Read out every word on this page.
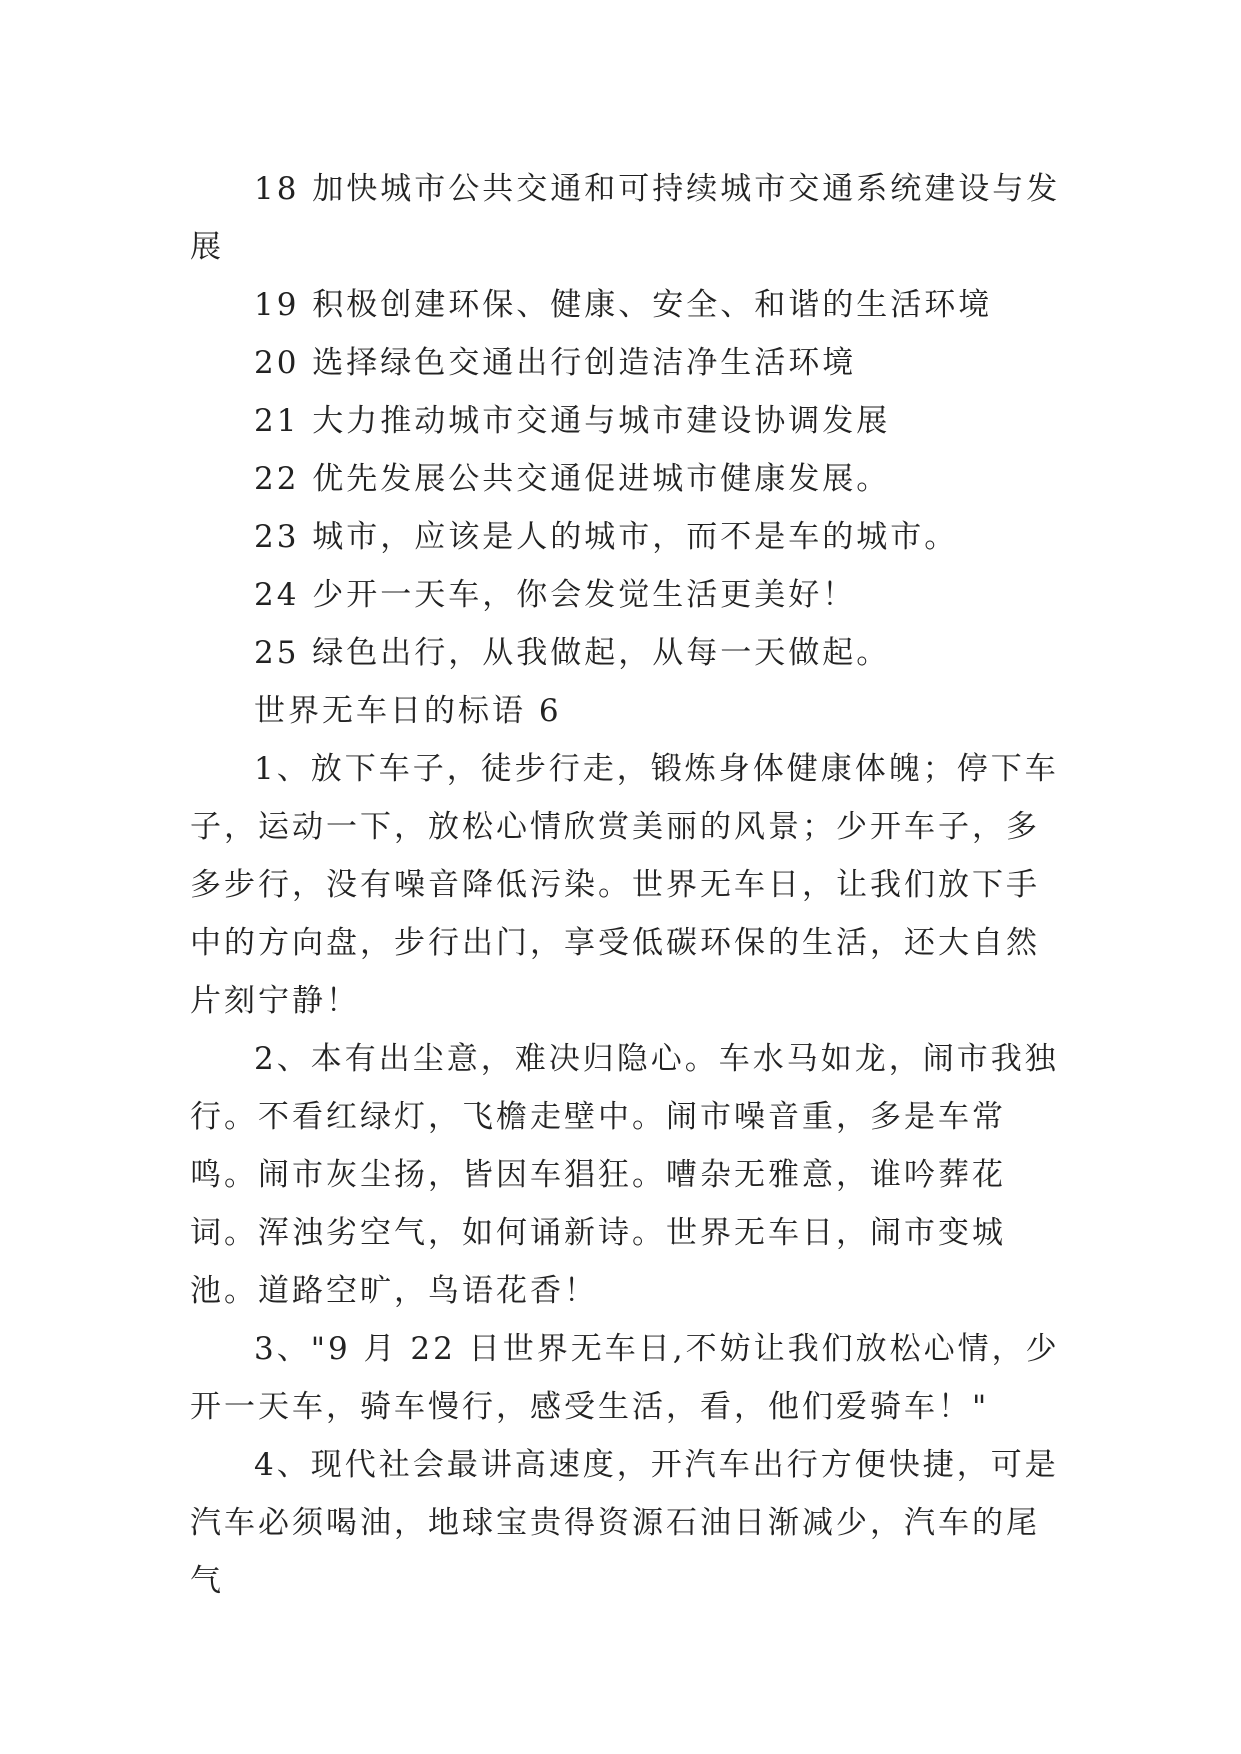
18 加快城市公共交通和可持续城市交通系统建设与发展

19 积极创建环保、健康、安全、和谐的生活环境

20 选择绿色交通出行创造洁净生活环境

21 大力推动城市交通与城市建设协调发展

22 优先发展公共交通促进城市健康发展。

23 城市，应该是人的城市，而不是车的城市。

24 少开一天车，你会发觉生活更美好！

25 绿色出行，从我做起，从每一天做起。

世界无车日的标语 6

1、放下车子，徒步行走，锻炼身体健康体魄；停下车子，运动一下，放松心情欣赏美丽的风景；少开车子，多多步行，没有噪音降低污染。世界无车日，让我们放下手中的方向盘，步行出门，享受低碳环保的生活，还大自然片刻宁静！

2、本有出尘意，难决归隐心。车水马如龙，闹市我独行。不看红绿灯，飞檐走壁中。闹市噪音重，多是车常鸣。闹市灰尘扬，皆因车猖狂。嘈杂无雅意，谁吟葬花词。浑浊劣空气，如何诵新诗。世界无车日，闹市变城池。道路空旷，鸟语花香！

3、"9 月 22 日世界无车日,不妨让我们放松心情，少开一天车，骑车慢行，感受生活，看，他们爱骑车！"

4、现代社会最讲高速度，开汽车出行方便快捷，可是汽车必须喝油，地球宝贵得资源石油日渐减少，汽车的尾气
